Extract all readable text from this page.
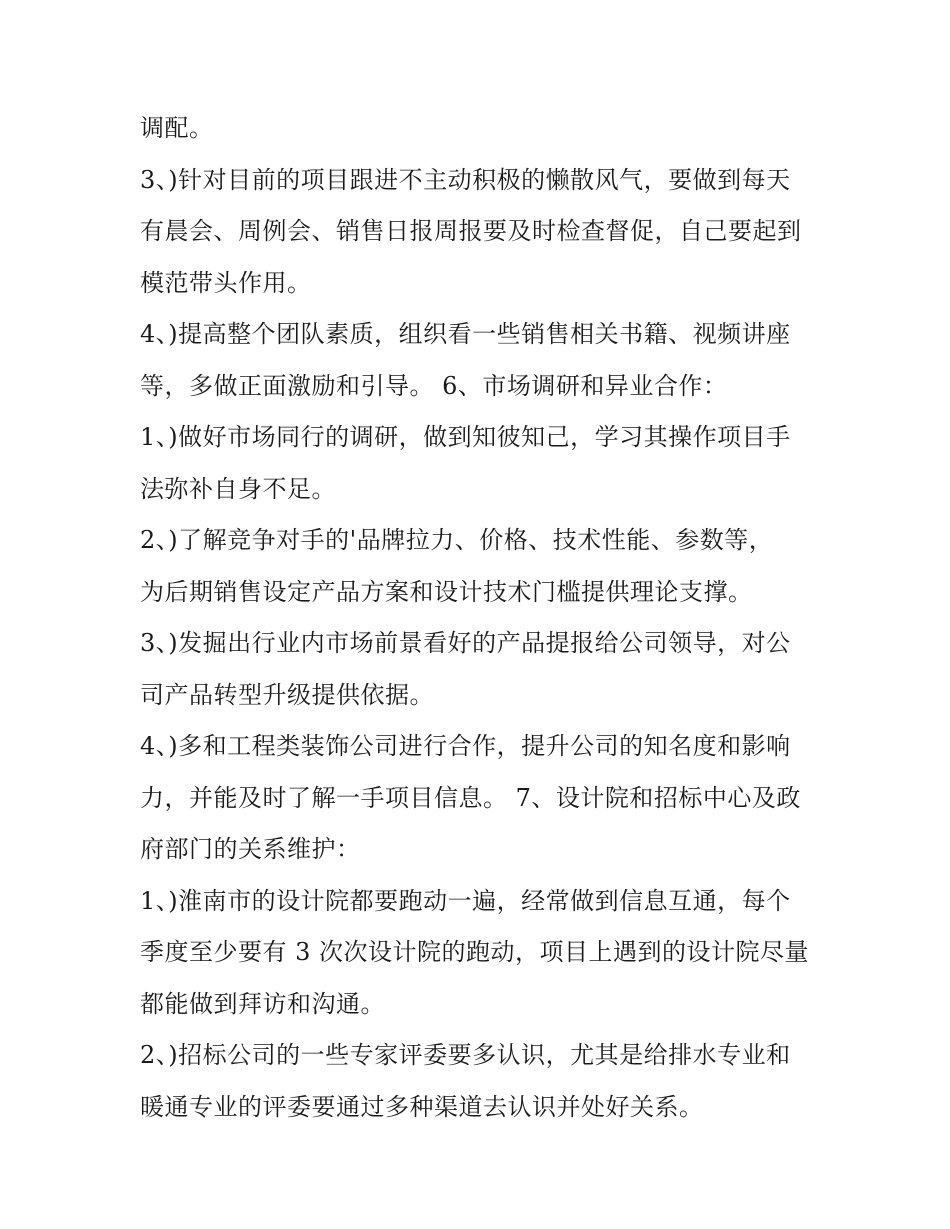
调配。
3、)针对目前的项目跟进不主动积极的懒散风气，要做到每天
有晨会、周例会、销售日报周报要及时检查督促，自己要起到
模范带头作用。
4、)提高整个团队素质，组织看一些销售相关书籍、视频讲座
等，多做正面激励和引导。 6、市场调研和异业合作：
1、)做好市场同行的调研，做到知彼知己，学习其操作项目手
法弥补自身不足。
2、)了解竞争对手的'品牌拉力、价格、技术性能、参数等，
为后期销售设定产品方案和设计技术门槛提供理论支撑。
3、)发掘出行业内市场前景看好的产品提报给公司领导，对公
司产品转型升级提供依据。
4、)多和工程类装饰公司进行合作，提升公司的知名度和影响
力，并能及时了解一手项目信息。 7、设计院和招标中心及政
府部门的关系维护：
1、)淮南市的设计院都要跑动一遍，经常做到信息互通，每个
季度至少要有 3 次次设计院的跑动，项目上遇到的设计院尽量
都能做到拜访和沟通。
2、)招标公司的一些专家评委要多认识，尤其是给排水专业和
暖通专业的评委要通过多种渠道去认识并处好关系。
